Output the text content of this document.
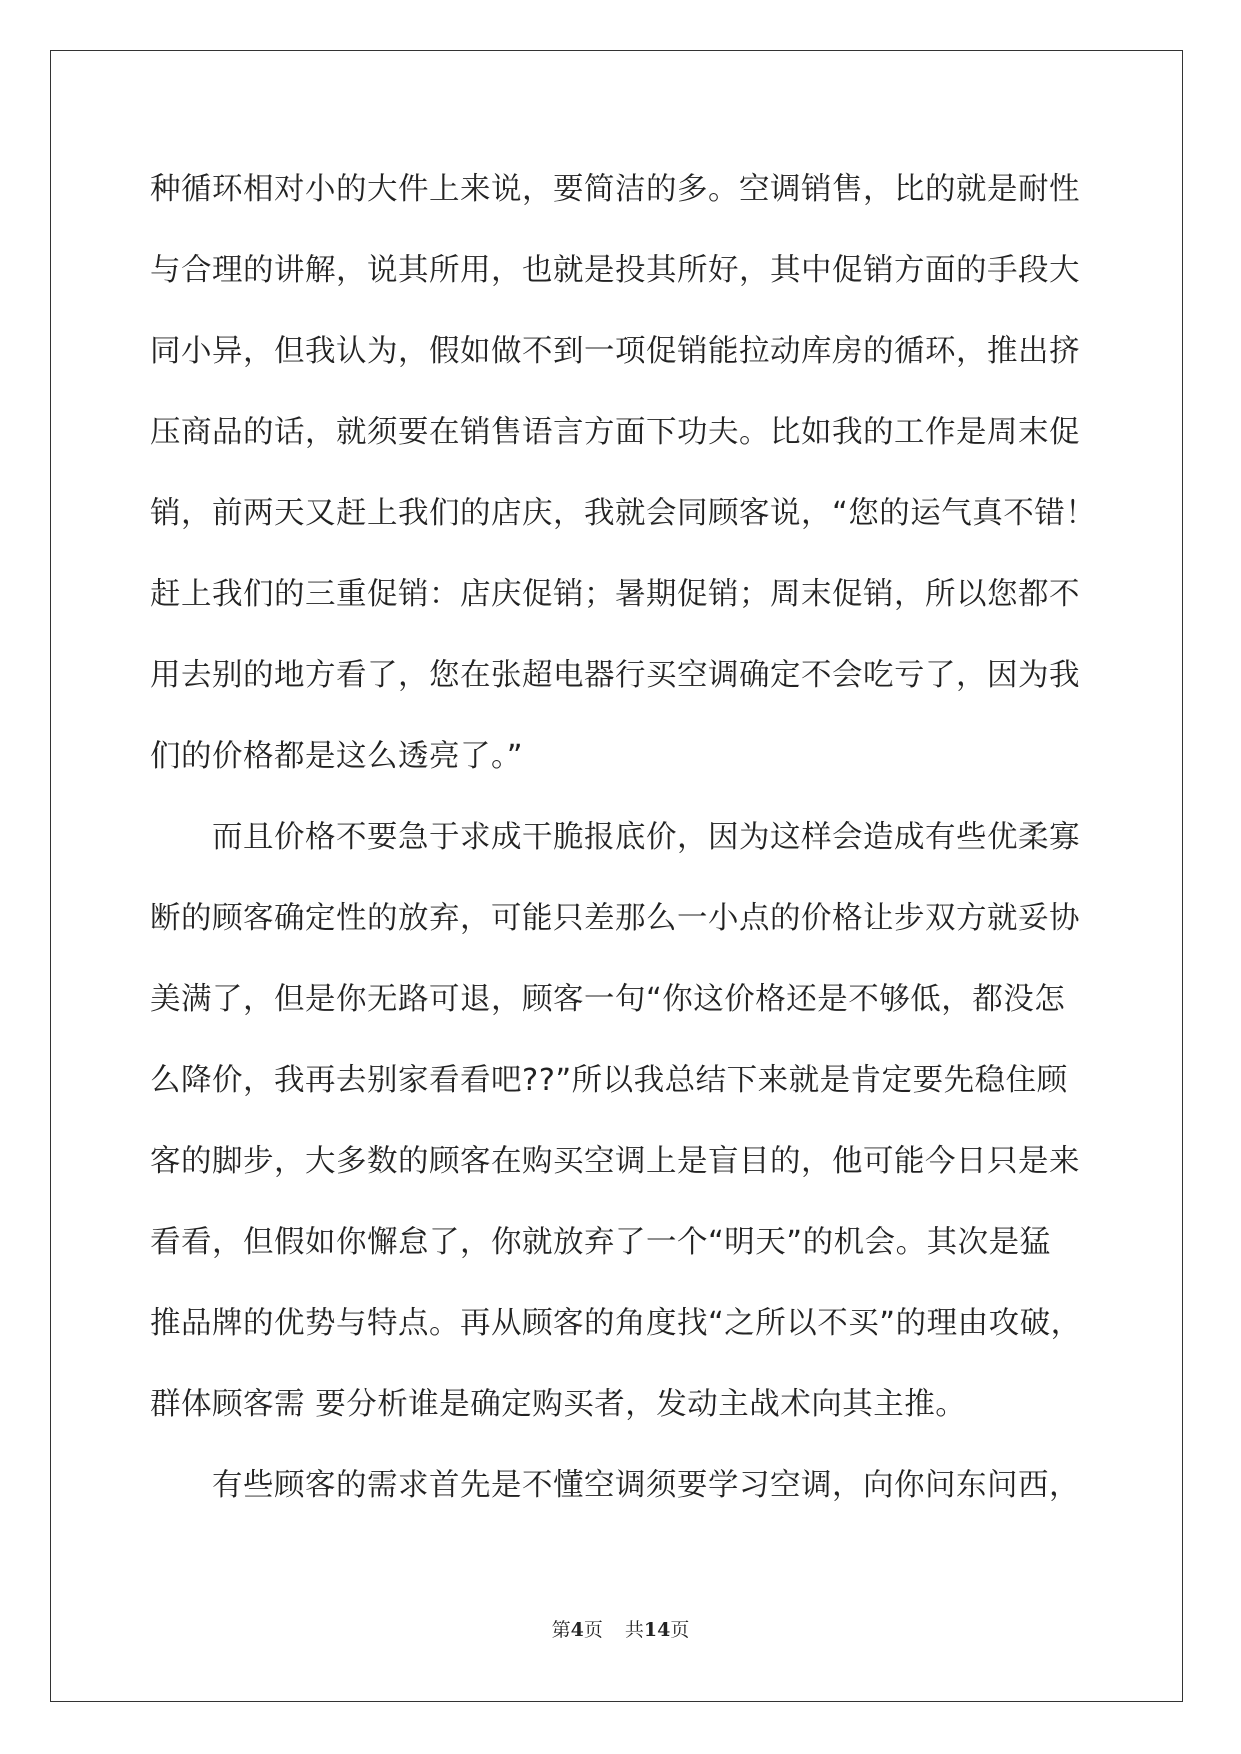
种循环相对小的大件上来说，要简洁的多。空调销售，比的就是耐性
与合理的讲解，说其所用，也就是投其所好，其中促销方面的手段大
同小异，但我认为，假如做不到一项促销能拉动库房的循环，推出挤
压商品的话，就须要在销售语言方面下功夫。比如我的工作是周末促
销，前两天又赶上我们的店庆，我就会同顾客说，“您的运气真不错！
赶上我们的三重促销：店庆促销；暑期促销；周末促销，所以您都不
用去别的地方看了，您在张超电器行买空调确定不会吃亏了，因为我
们的价格都是这么透亮了。”
而且价格不要急于求成干脆报底价，因为这样会造成有些优柔寡
断的顾客确定性的放弃，可能只差那么一小点的价格让步双方就妥协
美满了，但是你无路可退，顾客一句“你这价格还是不够低，都没怎
么降价，我再去别家看看吧??”所以我总结下来就是肯定要先稳住顾
客的脚步，大多数的顾客在购买空调上是盲目的，他可能今日只是来
看看，但假如你懈怠了，你就放弃了一个“明天”的机会。其次是猛
推品牌的优势与特点。再从顾客的角度找“之所以不买”的理由攻破，
群体顾客需 要分析谁是确定购买者，发动主战术向其主推。
有些顾客的需求首先是不懂空调须要学习空调，向你问东问西，
第4页 共14页
